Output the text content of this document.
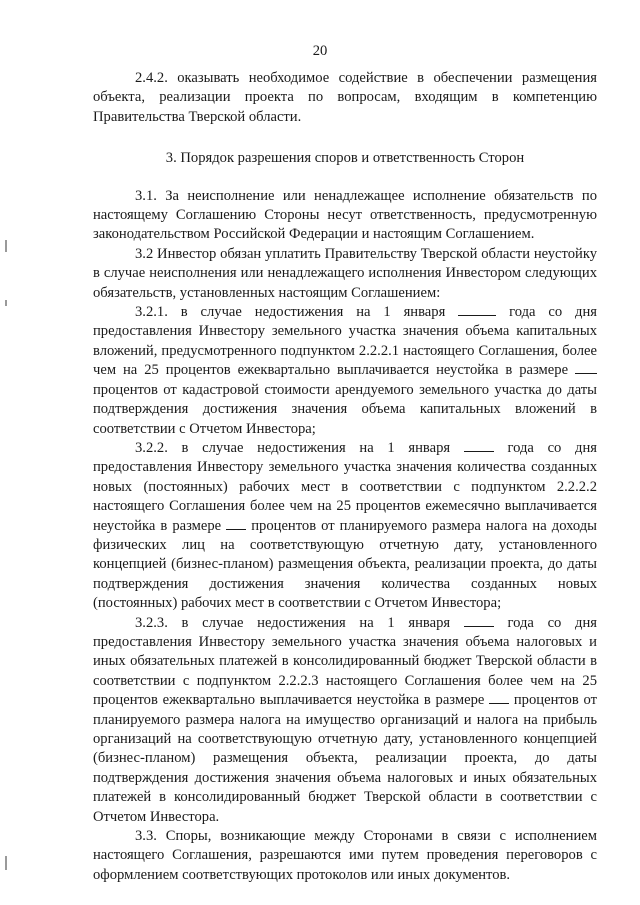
20

2.4.2. оказывать необходимое содействие в обеспечении размещения объекта, реализации проекта по вопросам, входящим в компетенцию Правительства Тверской области.

3. Порядок разрешения споров и ответственность Сторон

3.1. За неисполнение или ненадлежащее исполнение обязательств по настоящему Соглашению Стороны несут ответственность, предусмотренную законодательством Российской Федерации и настоящим Соглашением.

3.2 Инвестор обязан уплатить Правительству Тверской области неустойку в случае неисполнения или ненадлежащего исполнения Инвестором следующих обязательств, установленных настоящим Соглашением:

3.2.1. в случае недостижения на 1 января	года со дня предоставления Инвестору земельного участка значения объема капитальных вложений, предусмотренного подпунктом 2.2.2.1 настоящего Соглашения, более чем на 25 процентов ежеквартально выплачивается неустойка в размере  процентов от кадастровой стоимости арендуемого земельного участка до даты подтверждения достижения значения объема капитальных вложений в соответствии с Отчетом Инвестора;

3.2.2. в случае недостижения на 1 января	года со дня предоставления Инвестору земельного участка значения количества созданных новых (постоянных) рабочих мест в соответствии с подпунктом 2.2.2.2 настоящего Соглашения более чем на 25 процентов ежемесячно выплачивается неустойка в размере процентов от планируемого размера налога на доходы физических лиц на соответствующую отчетную дату, установленного концепцией (бизнес-планом) размещения объекта, реализации проекта, до даты подтверждения достижения значения количества созданных новых (постоянных) рабочих мест в соответствии с Отчетом Инвестора;

3.2.3. в случае недостижения на 1 января	года со дня предоставления Инвестору земельного участка значения объема налоговых и иных обязательных платежей в консолидированный бюджет Тверской области в соответствии с подпунктом 2.2.2.3 настоящего Соглашения более чем на 25 процентов ежеквартально выплачивается неустойка в размере процентов от планируемого размера налога на имущество организаций и налога на прибыль организаций на соответствующую отчетную дату, установленного концепцией (бизнес-планом) размещения объекта, реализации проекта, до даты подтверждения достижения значения объема налоговых и иных обязательных платежей в консолидированный бюджет Тверской области в соответствии с Отчетом Инвестора.

3.3. Споры, возникающие между Сторонами в связи с исполнением настоящего Соглашения, разрешаются ими путем проведения переговоров с оформлением соответствующих протоколов или иных документов.
